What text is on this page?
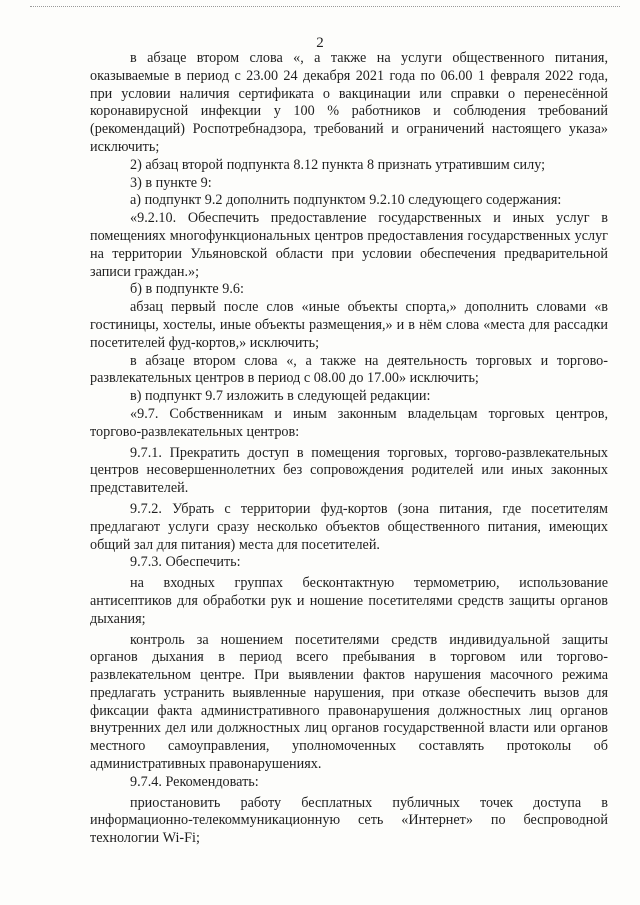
2

в абзаце втором слова «, а также на услуги общественного питания, оказываемые в период с 23.00 24 декабря 2021 года по 06.00 1 февраля 2022 года, при условии наличия сертификата о вакцинации или справки о перенесённой коронавирусной инфекции у 100 % работников и соблюдения требований (рекомендаций) Роспотребнадзора, требований и ограничений настоящего указа» исключить;

2) абзац второй подпункта 8.12 пункта 8 признать утратившим силу;

3) в пункте 9:

а) подпункт 9.2 дополнить подпунктом 9.2.10 следующего содержания:

«9.2.10. Обеспечить предоставление государственных и иных услуг в помещениях многофункциональных центров предоставления государственных услуг на территории Ульяновской области при условии обеспечения предварительной записи граждан.»;

б) в подпункте 9.6:

абзац первый после слов «иные объекты спорта,» дополнить словами «в гостиницы, хостелы, иные объекты размещения,» и в нём слова «места для рассадки посетителей фуд-кортов,» исключить;

в абзаце втором слова «, а также на деятельность торговых и торгово-развлекательных центров в период с 08.00 до 17.00» исключить;

в) подпункт 9.7 изложить в следующей редакции:

«9.7. Собственникам и иным законным владельцам торговых центров, торгово-развлекательных центров:

9.7.1. Прекратить доступ в помещения торговых, торгово-развлекательных центров несовершеннолетних без сопровождения родителей или иных законных представителей.

9.7.2. Убрать с территории фуд-кортов (зона питания, где посетителям предлагают услуги сразу несколько объектов общественного питания, имеющих общий зал для питания) места для посетителей.

9.7.3. Обеспечить:

на входных группах бесконтактную термометрию, использование антисептиков для обработки рук и ношение посетителями средств защиты органов дыхания;

контроль за ношением посетителями средств индивидуальной защиты органов дыхания в период всего пребывания в торговом или торгово-развлекательном центре. При выявлении фактов нарушения масочного режима предлагать устранить выявленные нарушения, при отказе обеспечить вызов для фиксации факта административного правонарушения должностных лиц органов внутренних дел или должностных лиц органов государственной власти или органов местного самоуправления, уполномоченных составлять протоколы об административных правонарушениях.

9.7.4. Рекомендовать:

приостановить работу бесплатных публичных точек доступа в информационно-телекоммуникационную сеть «Интернет» по беспроводной технологии Wi-Fi;
